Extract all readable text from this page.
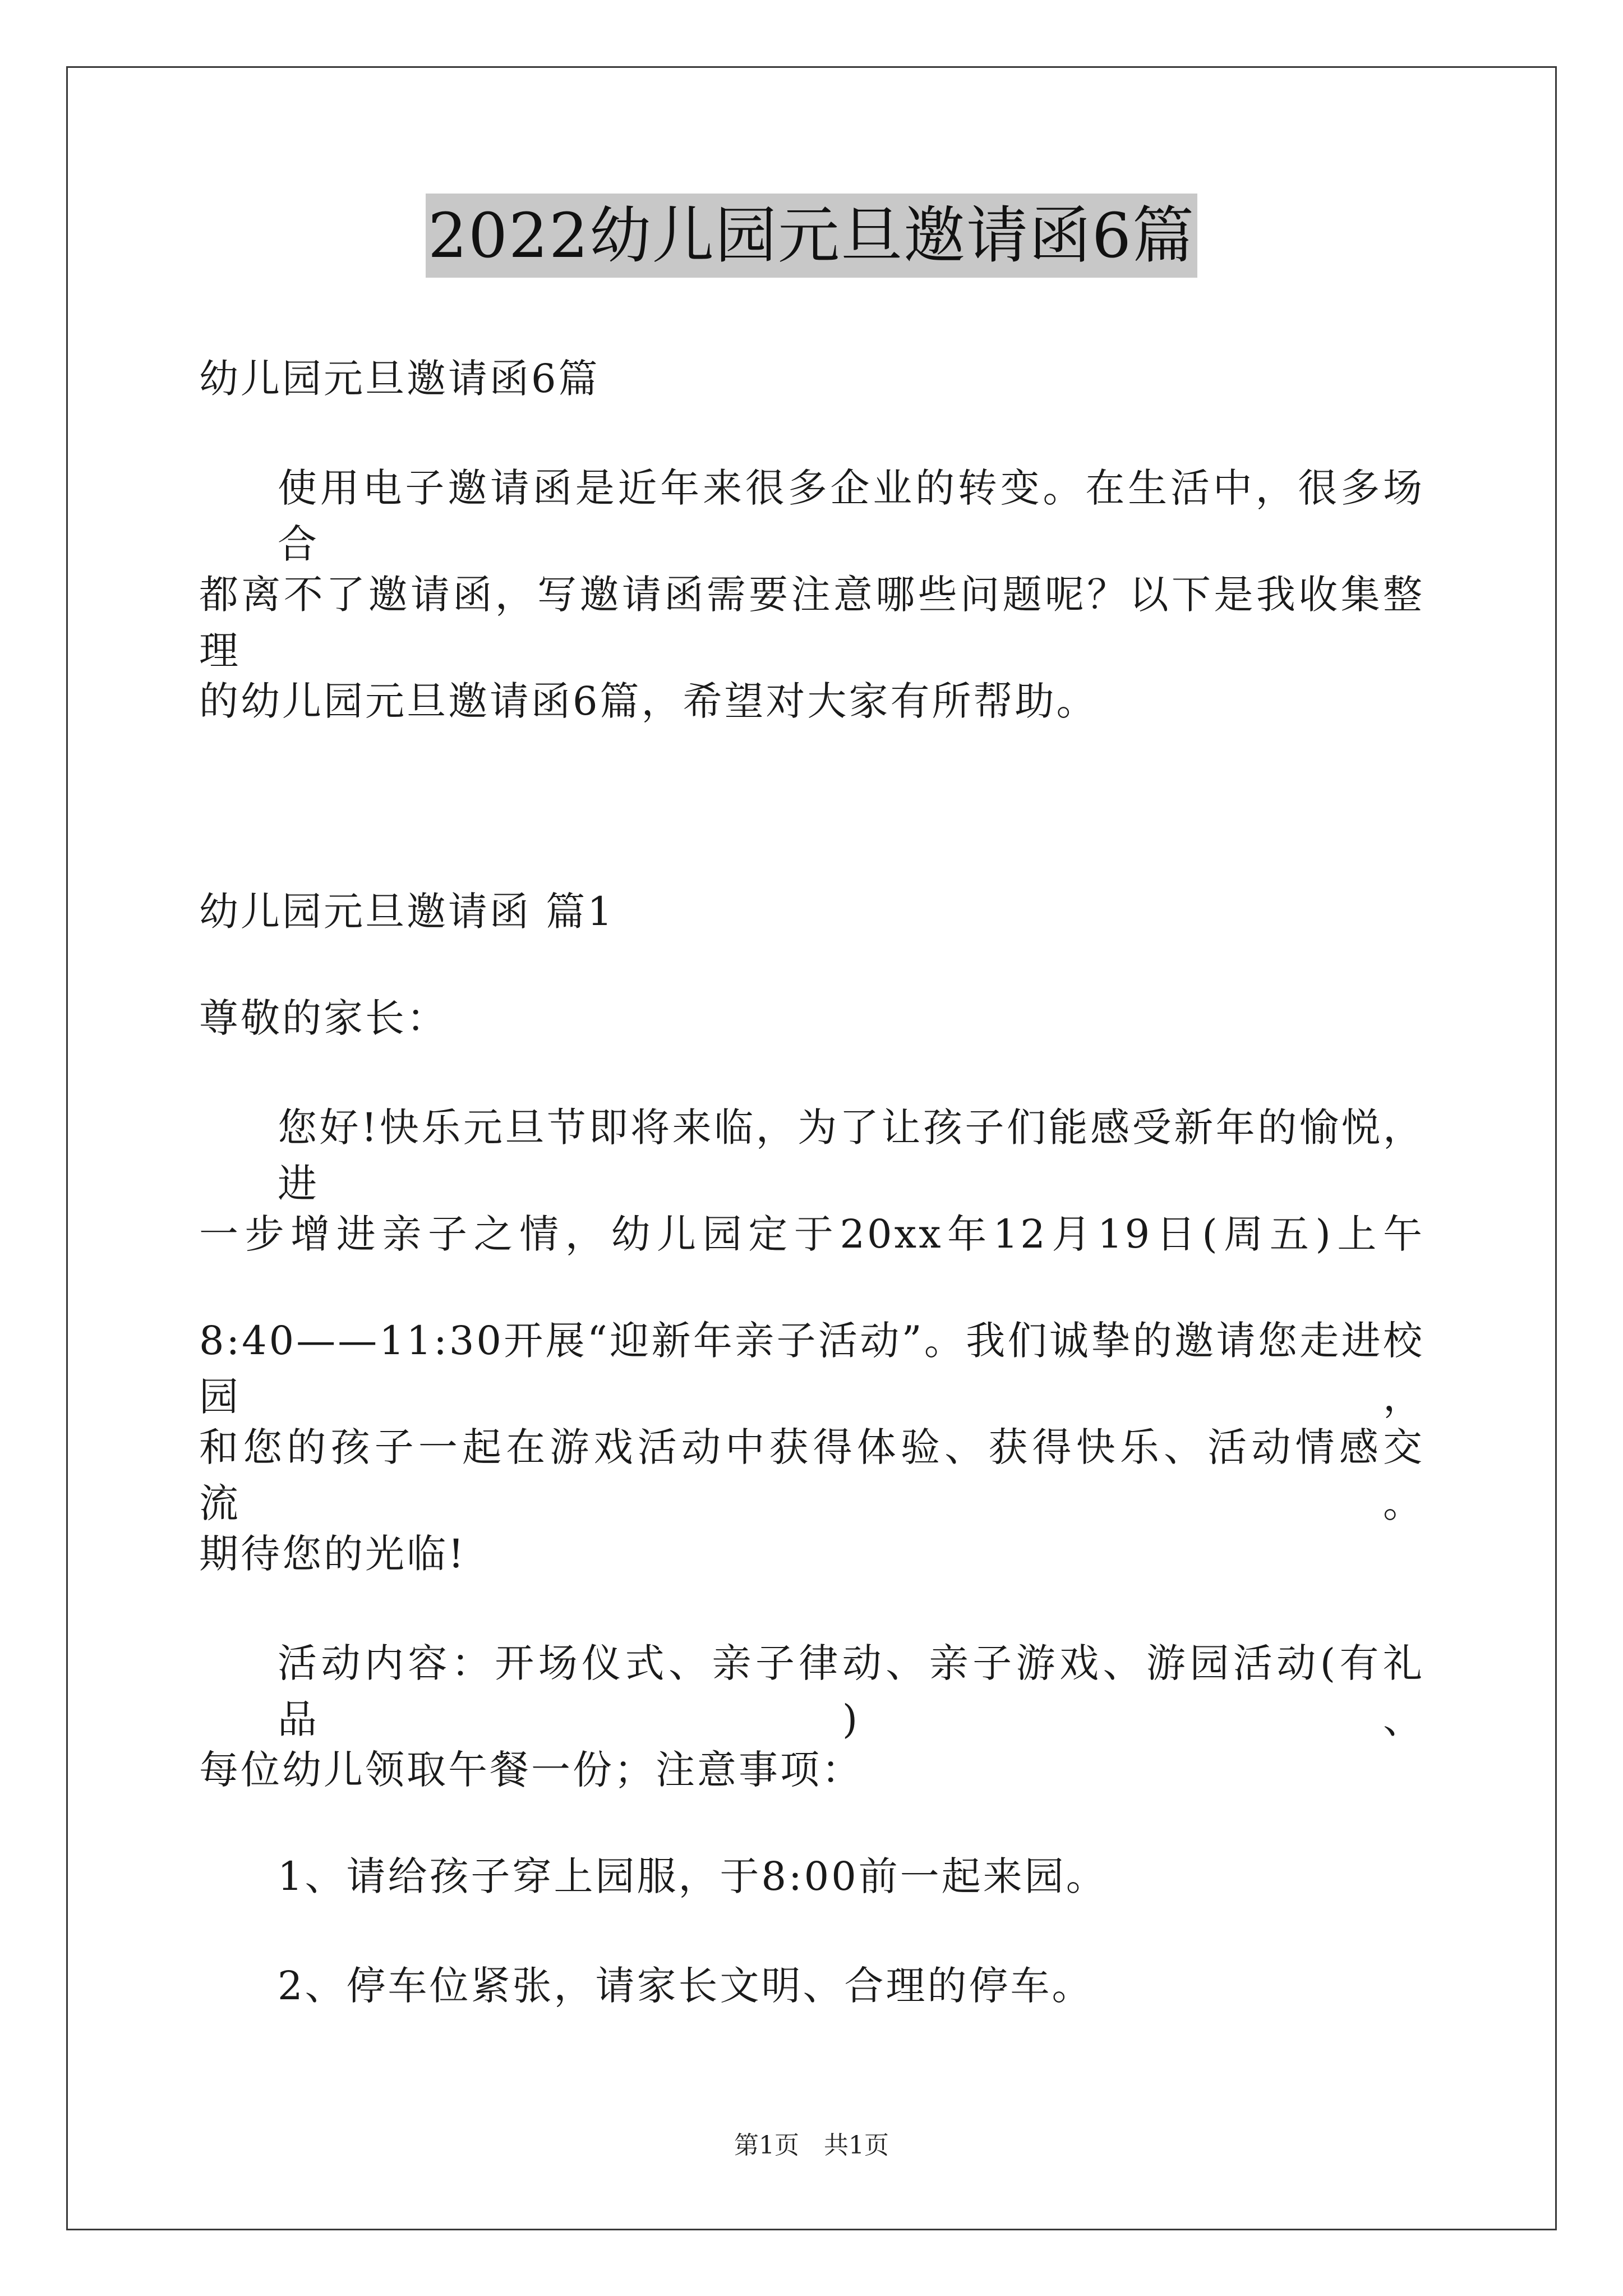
2022幼儿园元旦邀请函6篇
幼儿园元旦邀请函6篇
使用电子邀请函是近年来很多企业的转变。在生活中，很多场合
都离不了邀请函，写邀请函需要注意哪些问题呢？以下是我收集整理
的幼儿园元旦邀请函6篇，希望对大家有所帮助。
幼儿园元旦邀请函 篇1
尊敬的家长：
您好!快乐元旦节即将来临，为了让孩子们能感受新年的愉悦，进
一步增进亲子之情，幼儿园定于20xx年12月19日(周五)上午
8:40——11:30开展“迎新年亲子活动”。我们诚挚的邀请您走进校园，
和您的孩子一起在游戏活动中获得体验、获得快乐、活动情感交流。
期待您的光临!
活动内容：开场仪式、亲子律动、亲子游戏、游园活动(有礼品)、
每位幼儿领取午餐一份；注意事项：
1、请给孩子穿上园服，于8:00前一起来园。
2、停车位紧张，请家长文明、合理的停车。
第1页　共1页
